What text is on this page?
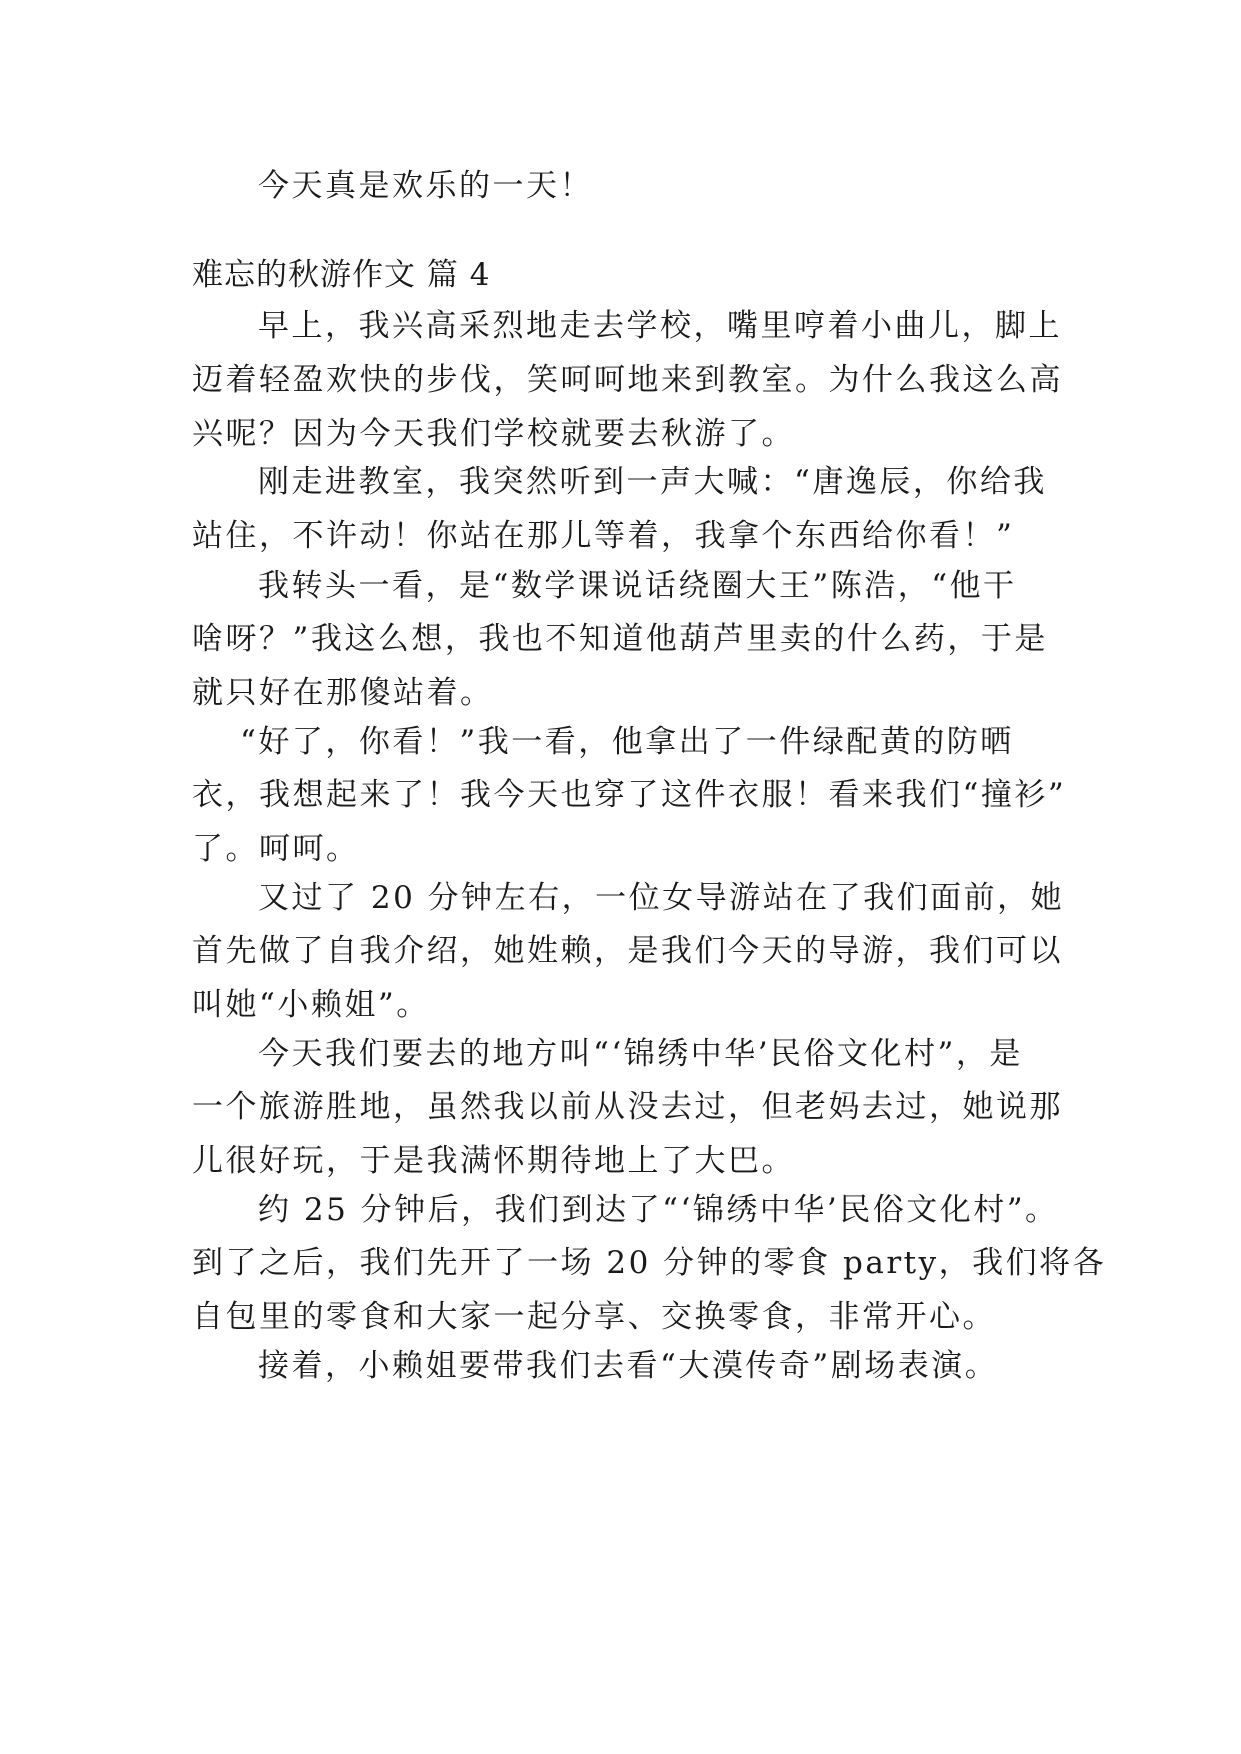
今天真是欢乐的一天！
难忘的秋游作文 篇 4
早上，我兴高采烈地走去学校，嘴里哼着小曲儿，脚上
迈着轻盈欢快的步伐，笑呵呵地来到教室。为什么我这么高
兴呢？因为今天我们学校就要去秋游了。
刚走进教室，我突然听到一声大喊：“唐逸辰，你给我
站住，不许动！你站在那儿等着，我拿个东西给你看！”
我转头一看，是“数学课说话绕圈大王”陈浩，“他干
啥呀？”我这么想，我也不知道他葫芦里卖的什么药，于是
就只好在那傻站着。
“好了，你看！”我一看，他拿出了一件绿配黄的防晒
衣，我想起来了！我今天也穿了这件衣服！看来我们“撞衫”
了。呵呵。
又过了 20 分钟左右，一位女导游站在了我们面前，她
首先做了自我介绍，她姓赖，是我们今天的导游，我们可以
叫她“小赖姐”。
今天我们要去的地方叫“‘锦绣中华’民俗文化村”，是
一个旅游胜地，虽然我以前从没去过，但老妈去过，她说那
儿很好玩，于是我满怀期待地上了大巴。
约 25 分钟后，我们到达了“‘锦绣中华’民俗文化村”。
到了之后，我们先开了一场 20 分钟的零食 party，我们将各
自包里的零食和大家一起分享、交换零食，非常开心。
接着，小赖姐要带我们去看“大漠传奇”剧场表演。
